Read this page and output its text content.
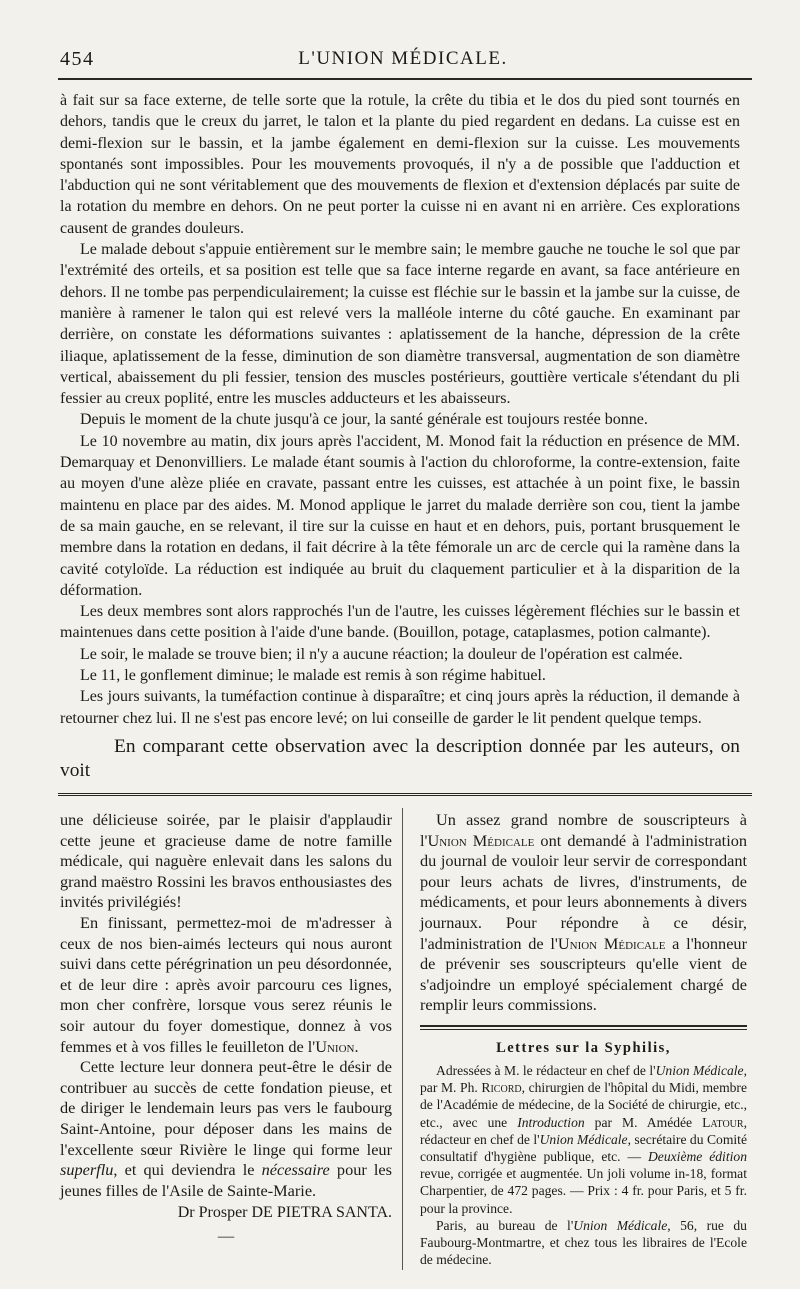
454	L'UNION MÉDICALE.

à fait sur sa face externe, de telle sorte que la rotule, la crête du tibia et le dos du pied sont tournés en dehors, tandis que le creux du jarret, le talon et la plante du pied regardent en dedans. La cuisse est en demi-flexion sur le bassin, et la jambe également en demi-flexion sur la cuisse. Les mouvements spontanés sont impossibles. Pour les mouvements provoqués, il n'y a de possible que l'adduction et l'abduction qui ne sont véritablement que des mouvements de flexion et d'extension déplacés par suite de la rotation du membre en dehors. On ne peut porter la cuisse ni en avant ni en arrière. Ces explorations causent de grandes douleurs.

Le malade debout s'appuie entièrement sur le membre sain; le membre gauche ne touche le sol que par l'extrémité des orteils, et sa position est telle que sa face interne regarde en avant, sa face antérieure en dehors. Il ne tombe pas perpendiculairement; la cuisse est fléchie sur le bassin et la jambe sur la cuisse, de manière à ramener le talon qui est relevé vers la malléole interne du côté gauche. En examinant par derrière, on constate les déformations suivantes : aplatissement de la hanche, dépression de la crête iliaque, aplatissement de la fesse, diminution de son diamètre transversal, augmentation de son diamètre vertical, abaissement du pli fessier, tension des muscles postérieurs, gouttière verticale s'étendant du pli fessier au creux poplité, entre les muscles adducteurs et les abaisseurs.

Depuis le moment de la chute jusqu'à ce jour, la santé générale est toujours restée bonne.

Le 10 novembre au matin, dix jours après l'accident, M. Monod fait la réduction en présence de MM. Demarquay et Denonvilliers. Le malade étant soumis à l'action du chloroforme, la contre-extension, faite au moyen d'une alèze pliée en cravate, passant entre les cuisses, est attachée à un point fixe, le bassin maintenu en place par des aides. M. Monod applique le jarret du malade derrière son cou, tient la jambe de sa main gauche, en se relevant, il tire sur la cuisse en haut et en dehors, puis, portant brusquement le membre dans la rotation en dedans, il fait décrire à la tête fémorale un arc de cercle qui la ramène dans la cavité cotyloïde. La réduction est indiquée au bruit du claquement particulier et à la disparition de la déformation.

Les deux membres sont alors rapprochés l'un de l'autre, les cuisses légèrement fléchies sur le bassin et maintenues dans cette position à l'aide d'une bande. (Bouillon, potage, cataplasmes, potion calmante).

Le soir, le malade se trouve bien; il n'y a aucune réaction; la douleur de l'opération est calmée.

Le 11, le gonflement diminue; le malade est remis à son régime habituel.

Les jours suivants, la tuméfaction continue à disparaître; et cinq jours après la réduction, il demande à retourner chez lui. Il ne s'est pas encore levé; on lui conseille de garder le lit pendent quelque temps.

En comparant cette observation avec la description donnée par les auteurs, on voit

une délicieuse soirée, par le plaisir d'applaudir cette jeune et gracieuse dame de notre famille médicale, qui naguère enlevait dans les salons du grand maëstro Rossini les bravos enthousiastes des invités privilégiés!

En finissant, permettez-moi de m'adresser à ceux de nos bien-aimés lecteurs qui nous auront suivi dans cette pérégrination un peu désordonnée, et de leur dire : après avoir parcouru ces lignes, mon cher confrère, lorsque vous serez réunis le soir autour du foyer domestique, donnez à vos femmes et à vos filles le feuilleton de l'Union.

Cette lecture leur donnera peut-être le désir de contribuer au succès de cette fondation pieuse, et de diriger le lendemain leurs pas vers le faubourg Saint-Antoine, pour déposer dans les mains de l'excellente sœur Rivière le linge qui forme leur superflu, et qui deviendra le nécessaire pour les jeunes filles de l'Asile de Sainte-Marie.

Dr Prosper DE PIETRA SANTA.
—

Un assez grand nombre de souscripteurs à l'Union Médicale ont demandé à l'administration du journal de vouloir leur servir de correspondant pour leurs achats de livres, d'instruments, de médicaments, et pour leurs abonnements à divers journaux. Pour répondre à ce désir, l'administration de l'Union Médicale a l'honneur de prévenir ses souscripteurs qu'elle vient de s'adjoindre un employé spécialement chargé de remplir leurs commissions.

Lettres sur la Syphilis,

Adressées à M. le rédacteur en chef de l'Union Médicale, par M. Ph. Ricord, chirurgien de l'hôpital du Midi, membre de l'Académie de médecine, de la Société de chirurgie, etc., etc., avec une Introduction par M. Amédée Latour, rédacteur en chef de l'Union Médicale, secrétaire du Comité consultatif d'hygiène publique, etc. — Deuxième édition revue, corrigée et augmentée. Un joli volume in-18, format Charpentier, de 472 pages. — Prix : 4 fr. pour Paris, et 5 fr. pour la province.

Paris, au bureau de l'Union Médicale, 56, rue du Faubourg-Montmartre, et chez tous les libraires de l'Ecole de médecine.
